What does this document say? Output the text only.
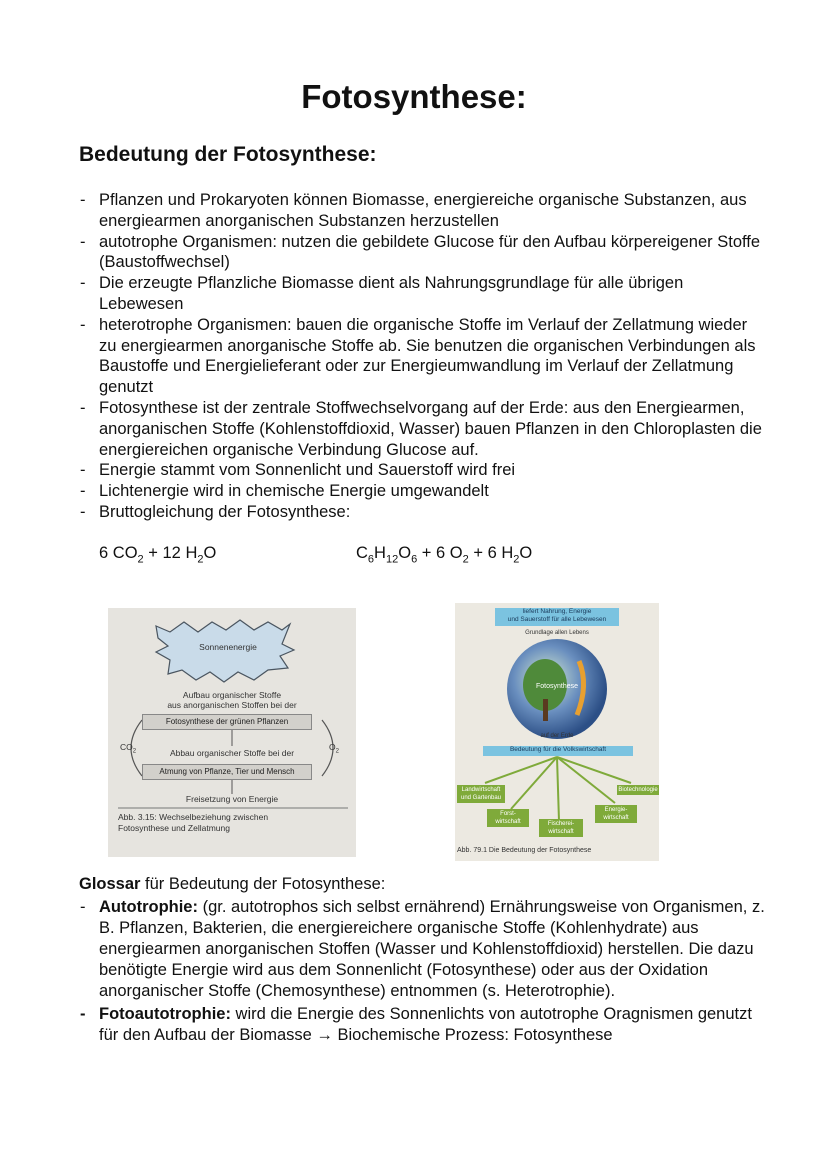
Fotosynthese:
Bedeutung der Fotosynthese:
- Pflanzen und Prokaryoten können Biomasse, energiereiche organische Substanzen, aus energiearmen anorganischen Substanzen herzustellen
- autotrophe Organismen: nutzen die gebildete Glucose für den Aufbau körpereigener Stoffe (Baustoffwechsel)
- Die erzeugte Pflanzliche Biomasse dient als Nahrungsgrundlage für alle übrigen Lebewesen
- heterotrophe Organismen: bauen die organische Stoffe im Verlauf der Zellatmung wieder zu energiearmen anorganische Stoffe ab. Sie benutzen die organischen Verbindungen als Baustoffe und Energielieferant oder zur Energieumwandlung im Verlauf der Zellatmung genutzt
- Fotosynthese ist der zentrale Stoffwechselvorgang auf der Erde: aus den Energiearmen, anorganischen Stoffe (Kohlenstoffdioxid, Wasser) bauen Pflanzen in den Chloroplasten die energiereichen organische Verbindung Glucose auf.
- Energie stammt vom Sonnenlicht und Sauerstoff wird frei
- Lichtenergie wird in chemische Energie umgewandelt
- Bruttogleichung der Fotosynthese:
6 $CO_2 + 12$ $H_2O$	$C_6H_{12}O_6 + 6$ $O_2 + 6$ $H_2O$
Sonnenenergie
Aufbau organischer Stoffe
aus anorganischen Stoffen bei der
Fotosynthese der grünen Pflanzen
Abbau organischer Stoffe bei der
Atmung von Pflanze, Tier und Mensch
Freisetzung von Energie
$CO_2$	$O_2$
Abb. 3.15: Wechselbeziehung zwischen
Fotosynthese und Zellatmung
liefert Nahrung, Energie
und Sauerstoff für alle Lebewesen
Grundlage allen Lebens
Fotosynthese
auf der Erde
Bedeutung für die Volkswirtschaft
Landwirtschaft und Gartenbau
Biotechnologie
Forst-wirtschaft
Energie-wirtschaft
Fischerei-wirtschaft
Abb. 79.1 Die Bedeutung der Fotosynthese
Glossar für Bedeutung der Fotosynthese:
- Autotrophie: (gr. autotrophos sich selbst ernährend) Ernährungsweise von Organismen, z. B. Pflanzen, Bakterien, die energiereichere organische Stoffe (Kohlenhydrate) aus energiearmen anorganischen Stoffen (Wasser und Kohlenstoffdioxid) herstellen. Die dazu benötigte Energie wird aus dem Sonnenlicht (Fotosynthese) oder aus der Oxidation anorganischer Stoffe (Chemosynthese) entnommen (s. Heterotrophie).
- Fotoautotrophie: wird die Energie des Sonnenlichts von autotrophe Oragnismen genutzt für den Aufbau der Biomasse → Biochemische Prozess: Fotosynthese
